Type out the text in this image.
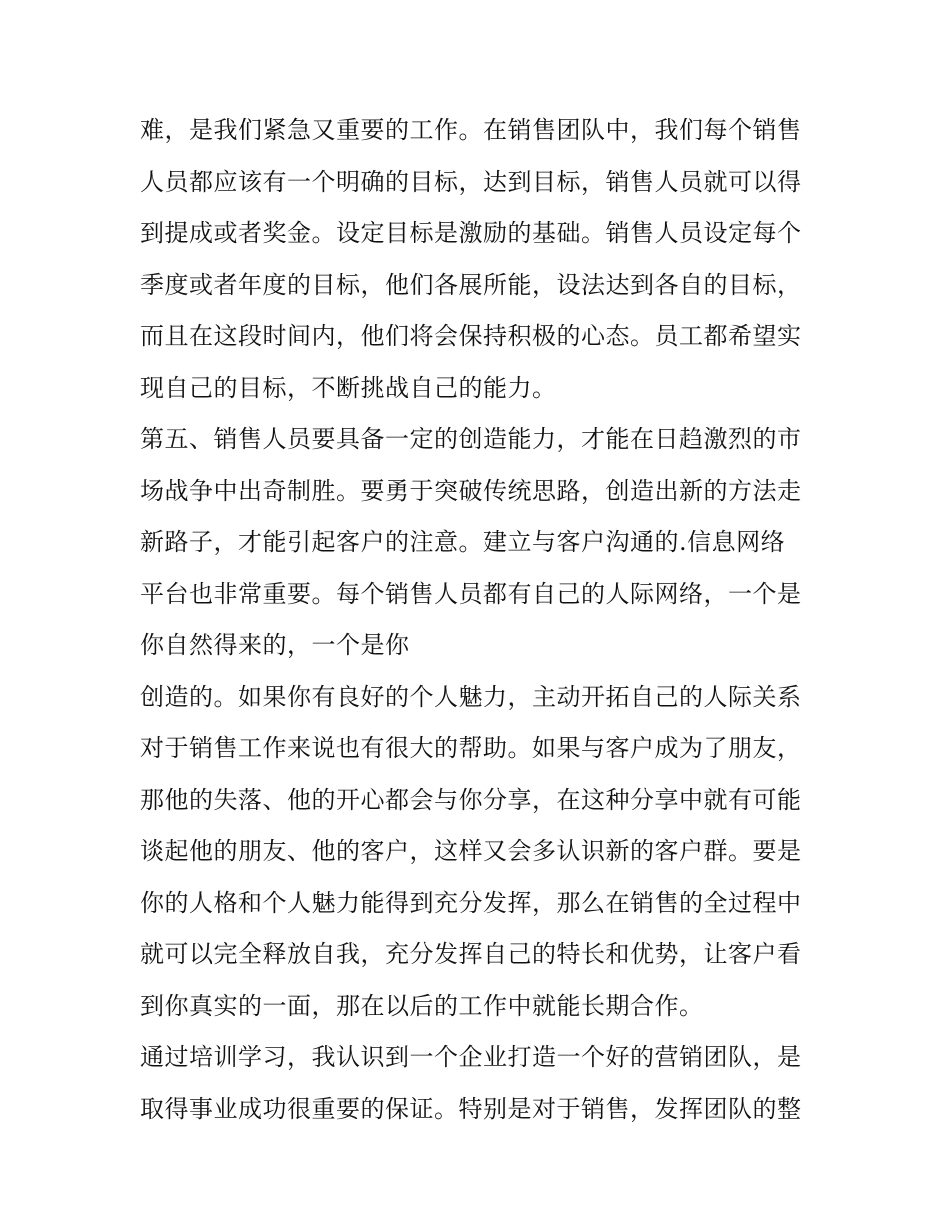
难，是我们紧急又重要的工作。在销售团队中，我们每个销售
人员都应该有一个明确的目标，达到目标，销售人员就可以得
到提成或者奖金。设定目标是激励的基础。销售人员设定每个
季度或者年度的目标，他们各展所能，设法达到各自的目标，
而且在这段时间内，他们将会保持积极的心态。员工都希望实
现自己的目标，不断挑战自己的能力。
第五、销售人员要具备一定的创造能力，才能在日趋激烈的市
场战争中出奇制胜。要勇于突破传统思路，创造出新的方法走
新路子，才能引起客户的注意。建立与客户沟通的.信息网络
平台也非常重要。每个销售人员都有自己的人际网络，一个是
你自然得来的，一个是你
创造的。如果你有良好的个人魅力，主动开拓自己的人际关系
对于销售工作来说也有很大的帮助。如果与客户成为了朋友，
那他的失落、他的开心都会与你分享，在这种分享中就有可能
谈起他的朋友、他的客户，这样又会多认识新的客户群。要是
你的人格和个人魅力能得到充分发挥，那么在销售的全过程中
就可以完全释放自我，充分发挥自己的特长和优势，让客户看
到你真实的一面，那在以后的工作中就能长期合作。
通过培训学习，我认识到一个企业打造一个好的营销团队，是
取得事业成功很重要的保证。特别是对于销售，发挥团队的整
